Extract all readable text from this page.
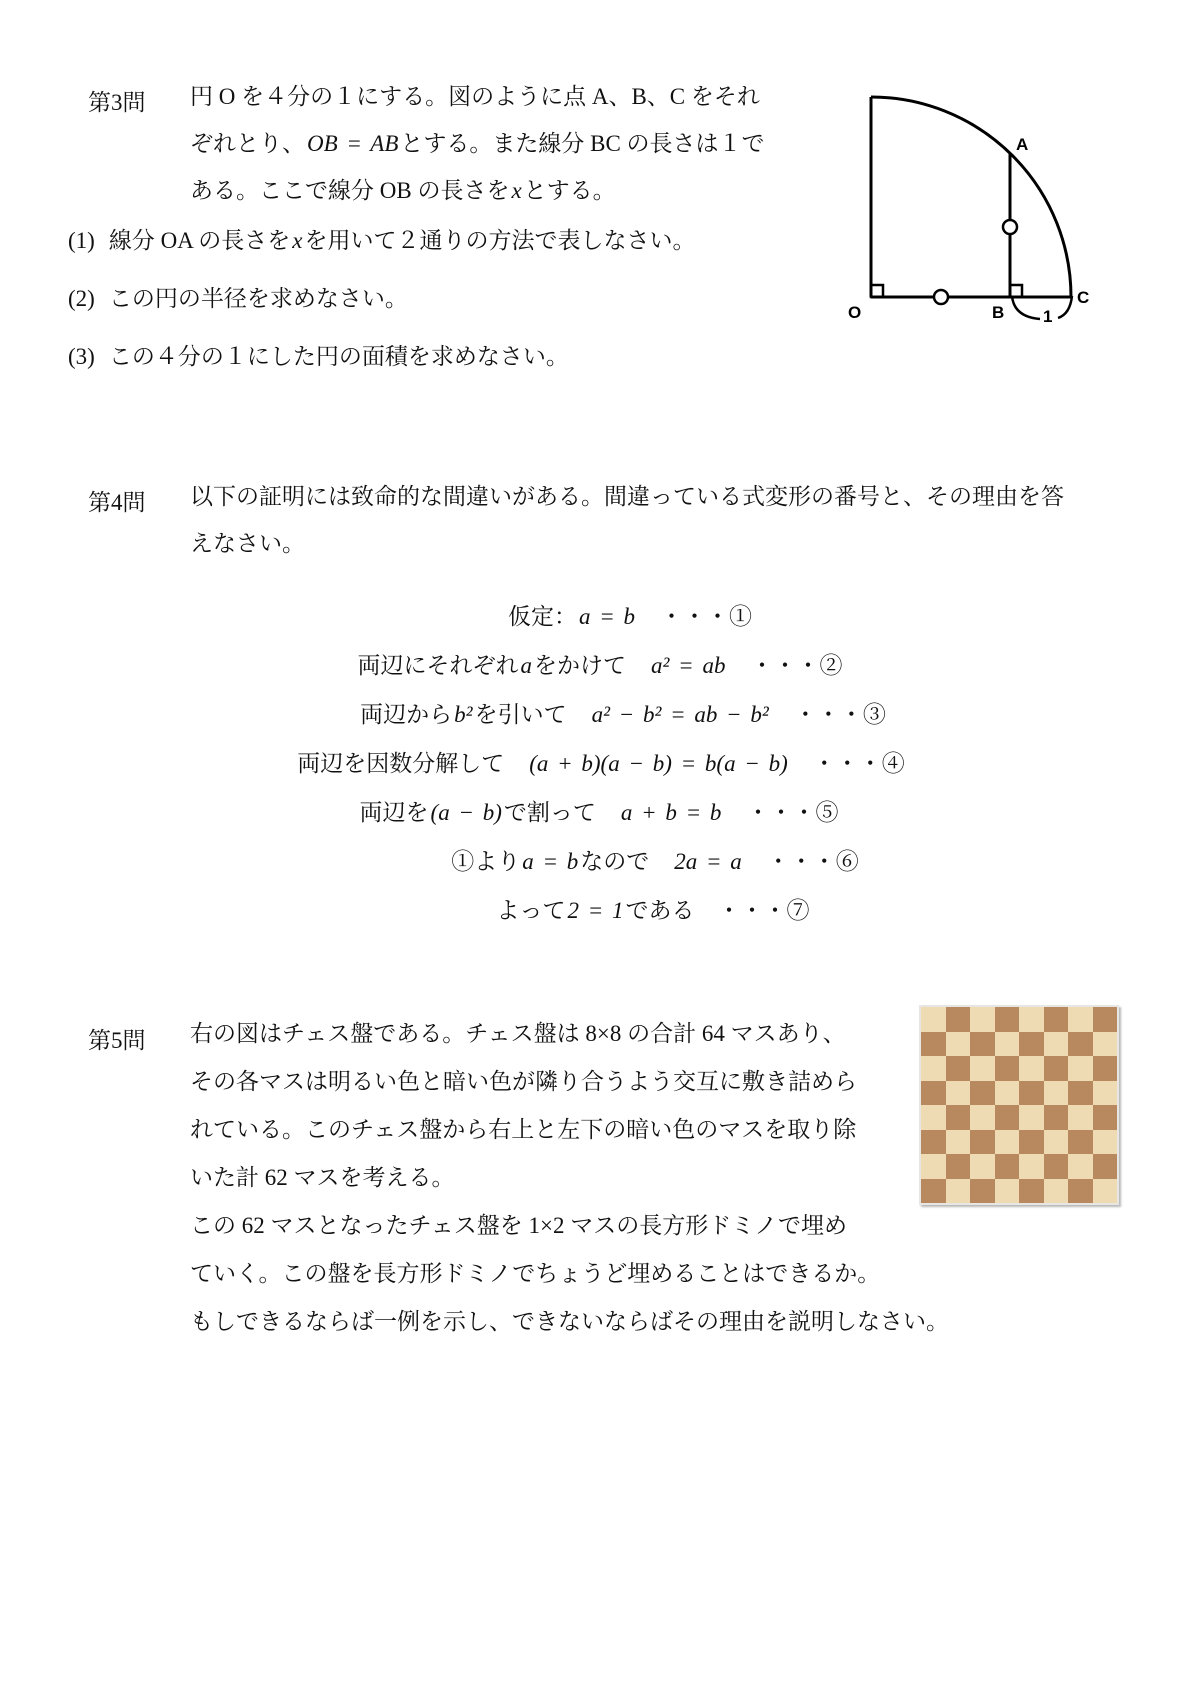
第3問 円 O を４分の１にする。図のように点 A、B、C をそれ
ぞれとり、OB = ABとする。また線分 BC の長さは１で
ある。ここで線分 OB の長さをxとする。
(1) 線分 OA の長さをxを用いて２通りの方法で表しなさい。
(2) この円の半径を求めなさい。
(3) この４分の１にした円の面積を求めなさい。
O
A
B
C
1
第4問 以下の証明には致命的な間違いがある。間違っている式変形の番号と、その理由を答
えなさい。
仮定：a = b　・・・①
両辺にそれぞれaをかけて　a² = ab　・・・②
両辺からb²を引いて　a² − b² = ab − b²　・・・③
両辺を因数分解して　(a + b)(a − b) = b(a − b)　・・・④
両辺を(a − b)で割って　a + b = b　・・・⑤
①よりa = bなので　2a = a　・・・⑥
よって2 = 1である　・・・⑦
第5問 右の図はチェス盤である。チェス盤は 8×8 の合計 64 マスあり、
その各マスは明るい色と暗い色が隣り合うよう交互に敷き詰めら
れている。このチェス盤から右上と左下の暗い色のマスを取り除
いた計 62 マスを考える。
この 62 マスとなったチェス盤を 1×2 マスの長方形ドミノで埋め
ていく。この盤を長方形ドミノでちょうど埋めることはできるか。
もしできるならば一例を示し、できないならばその理由を説明しなさい。
